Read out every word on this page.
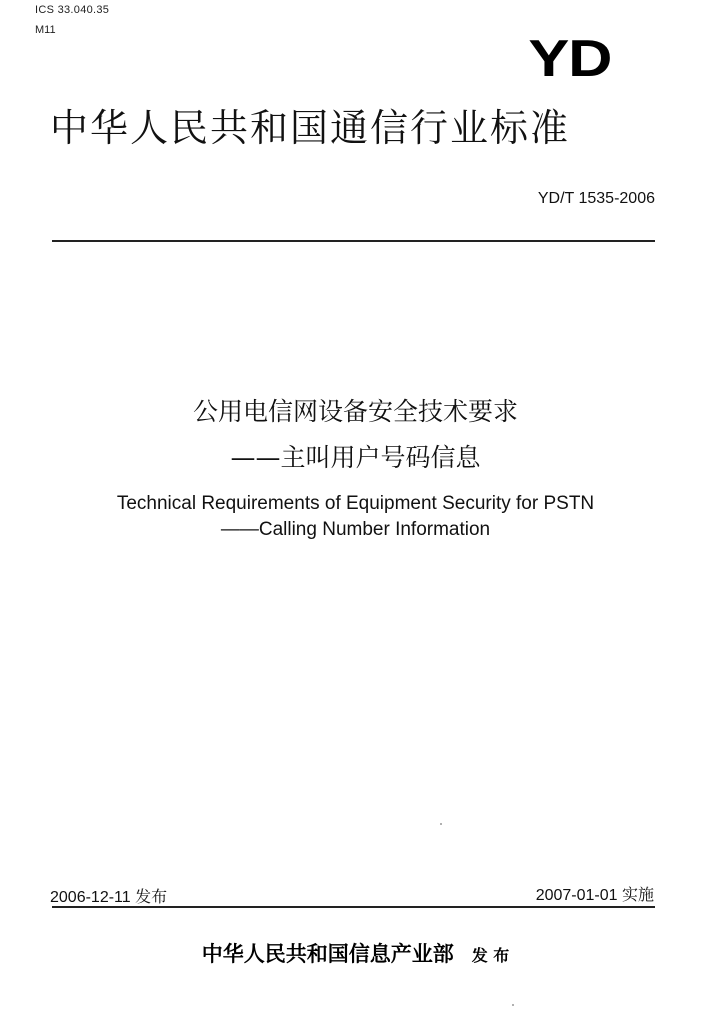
ICS 33.040.35
M11	YD
中华人民共和国通信行业标准
YD/T 1535-2006
公用电信网设备安全技术要求
——主叫用户号码信息
Technical Requirements of Equipment Security for PSTN
——Calling Number Information
2006-12-11 发布	2007-01-01 实施
中华人民共和国信息产业部 发 布
